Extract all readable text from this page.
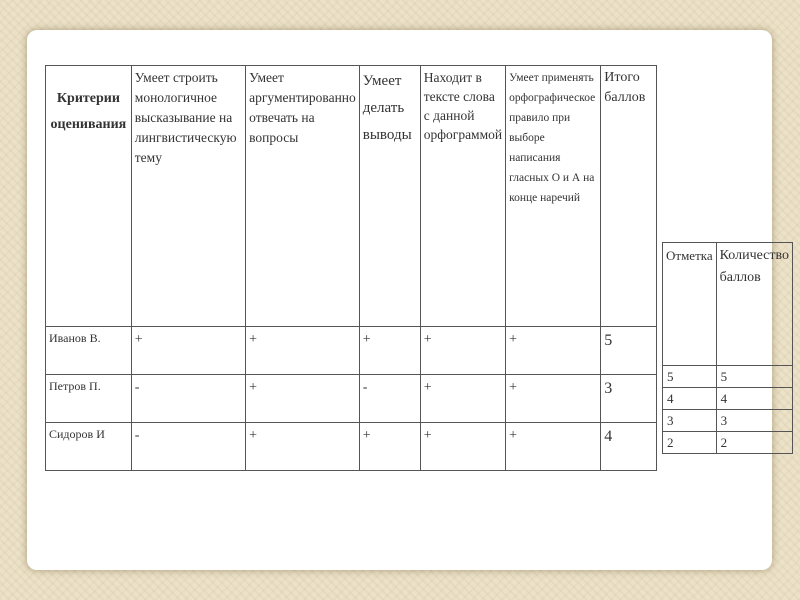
Критерии оценивания	Умеет строить монологичное высказывание на лингвистическую тему	Умеет аргументированно отвечать на вопросы	Умеет делать выводы	Находит в тексте слова с данной орфограммой	Умеет применять орфографическое правило при выборе написания гласных О и А на конце наречий	Итого баллов
Иванов В.	+	+	+	+	+	5
Петров П.	-	+	-	+	+	3
Сидоров И	-	+	+	+	+	4
Отметка	Количество баллов
5	5
4	4
3	3
2	2
